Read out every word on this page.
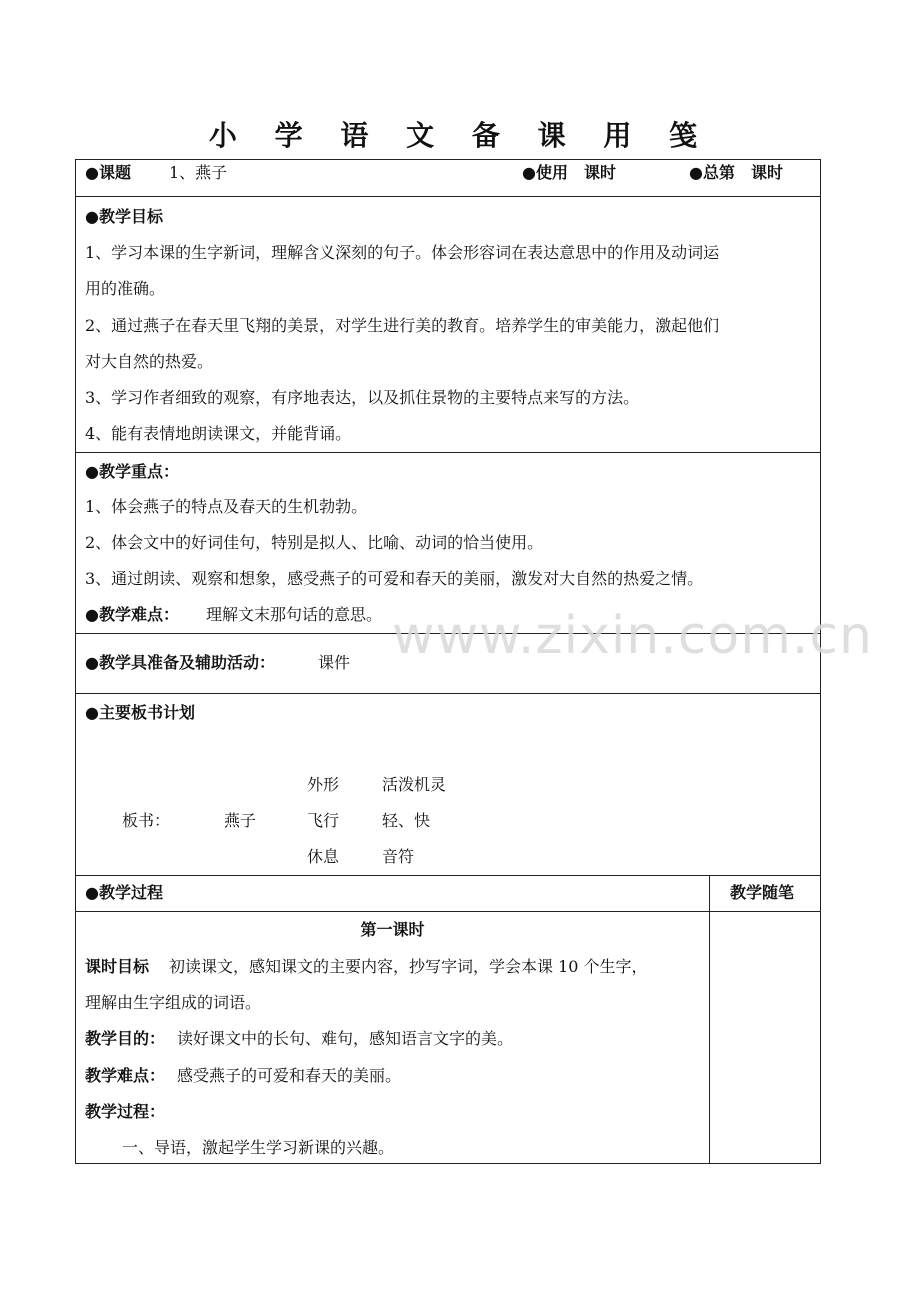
小 学 语 文 备 课 用 笺
●课题 1、燕子	●使用　课时	●总第　课时
●教学目标
1、学习本课的生字新词，理解含义深刻的句子。体会形容词在表达意思中的作用及动词运
用的准确。
2、通过燕子在春天里飞翔的美景，对学生进行美的教育。培养学生的审美能力，激起他们
对大自然的热爱。
3、学习作者细致的观察，有序地表达，以及抓住景物的主要特点来写的方法。
4、能有表情地朗读课文，并能背诵。
●教学重点：
1、体会燕子的特点及春天的生机勃勃。
2、体会文中的好词佳句，特别是拟人、比喻、动词的恰当使用。
3、通过朗读、观察和想象，感受燕子的可爱和春天的美丽，激发对大自然的热爱之情。
●教学难点： 理解文末那句话的意思。
●教学具准备及辅助活动：	课件
●主要板书计划
板书：	燕子
外形	活泼机灵
飞行	轻、快
休息	音符
●教学过程	教学随笔
第一课时
课时目标 初读课文，感知课文的主要内容，抄写字词，学会本课 10 个生字，
理解由生字组成的词语。
教学目的： 读好课文中的长句、难句，感知语言文字的美。
教学难点： 感受燕子的可爱和春天的美丽。
教学过程：
一、导语，激起学生学习新课的兴趣。
www.zixin.com.cn
